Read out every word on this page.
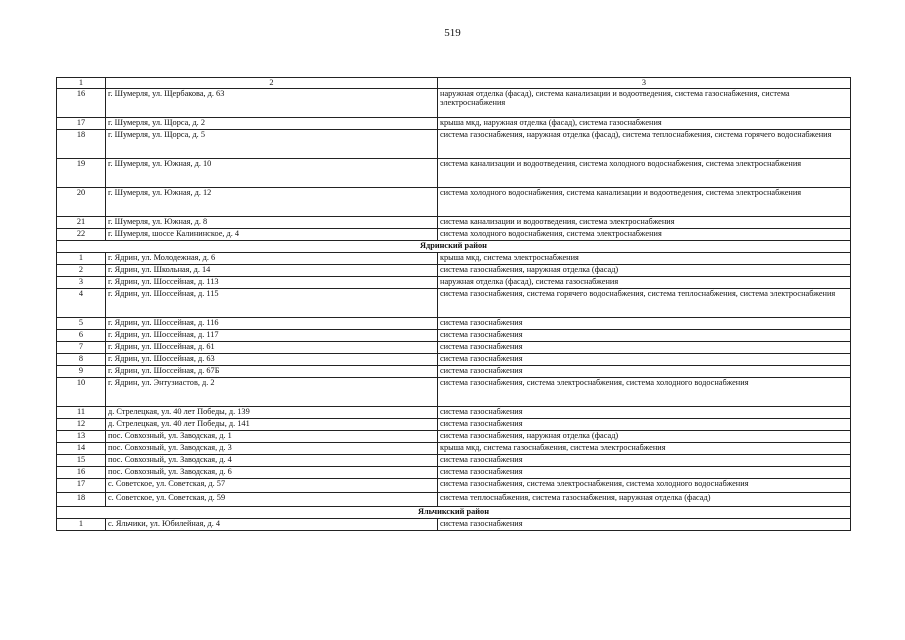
519
1	2	3
16	г. Шумерля, ул. Щербакова, д. 63	наружная отделка (фасад), система канализации и водоотведения, система газоснабжения, система электроснабжения
17	г. Шумерля, ул. Щорса, д. 2	крыша мкд, наружная отделка (фасад), система газоснабжения
18	г. Шумерля, ул. Щорса, д. 5	система газоснабжения, наружная отделка (фасад), система теплоснабжения, система горячего водоснабжения
19	г. Шумерля, ул. Южная, д. 10	система канализации и водоотведения, система холодного водоснабжения, система электроснабжения
20	г. Шумерля, ул. Южная, д. 12	система холодного водоснабжения, система канализации и водоотведения, система электроснабжения
21	г. Шумерля, ул. Южная, д. 8	система канализации и водоотведения, система электроснабжения
22	г. Шумерля, шоссе Калининское, д. 4	система холодного водоснабжения, система электроснабжения
Ядринский район		
1	г. Ядрин, ул. Молодежная, д. 6	крыша мкд, система электроснабжения
2	г. Ядрин, ул. Школьная, д. 14	система газоснабжения, наружная отделка (фасад)
3	г. Ядрин, ул. Шоссейная, д. 113	наружная отделка (фасад), система газоснабжения
4	г. Ядрин, ул. Шоссейная, д. 115	система газоснабжения, система горячего водоснабжения, система теплоснабжения, система электроснабжения
5	г. Ядрин, ул. Шоссейная, д. 116	система газоснабжения
6	г. Ядрин, ул. Шоссейная, д. 117	система газоснабжения
7	г. Ядрин, ул. Шоссейная, д. 61	система газоснабжения
8	г. Ядрин, ул. Шоссейная, д. 63	система газоснабжения
9	г. Ядрин, ул. Шоссейная, д. 67Б	система газоснабжения
10	г. Ядрин, ул. Энтузиастов, д. 2	система газоснабжения, система электроснабжения, система холодного водоснабжения
11	д. Стрелецкая, ул. 40 лет Победы, д. 139	система газоснабжения
12	д. Стрелецкая, ул. 40 лет Победы, д. 141	система газоснабжения
13	пос. Совхозный, ул. Заводская, д. 1	система газоснабжения, наружная отделка (фасад)
14	пос. Совхозный, ул. Заводская, д. 3	крыша мкд, система газоснабжения, система электроснабжения
15	пос. Совхозный, ул. Заводская, д. 4	система газоснабжения
16	пос. Совхозный, ул. Заводская, д. 6	система газоснабжения
17	с. Советское, ул. Советская, д. 57	система газоснабжения, система электроснабжения, система холодного водоснабжения
18	с. Советское, ул. Советская, д. 59	система теплоснабжения, система газоснабжения, наружная отделка (фасад)
Яльчикский район		
1	с. Яльчики, ул. Юбилейная, д. 4	система газоснабжения
